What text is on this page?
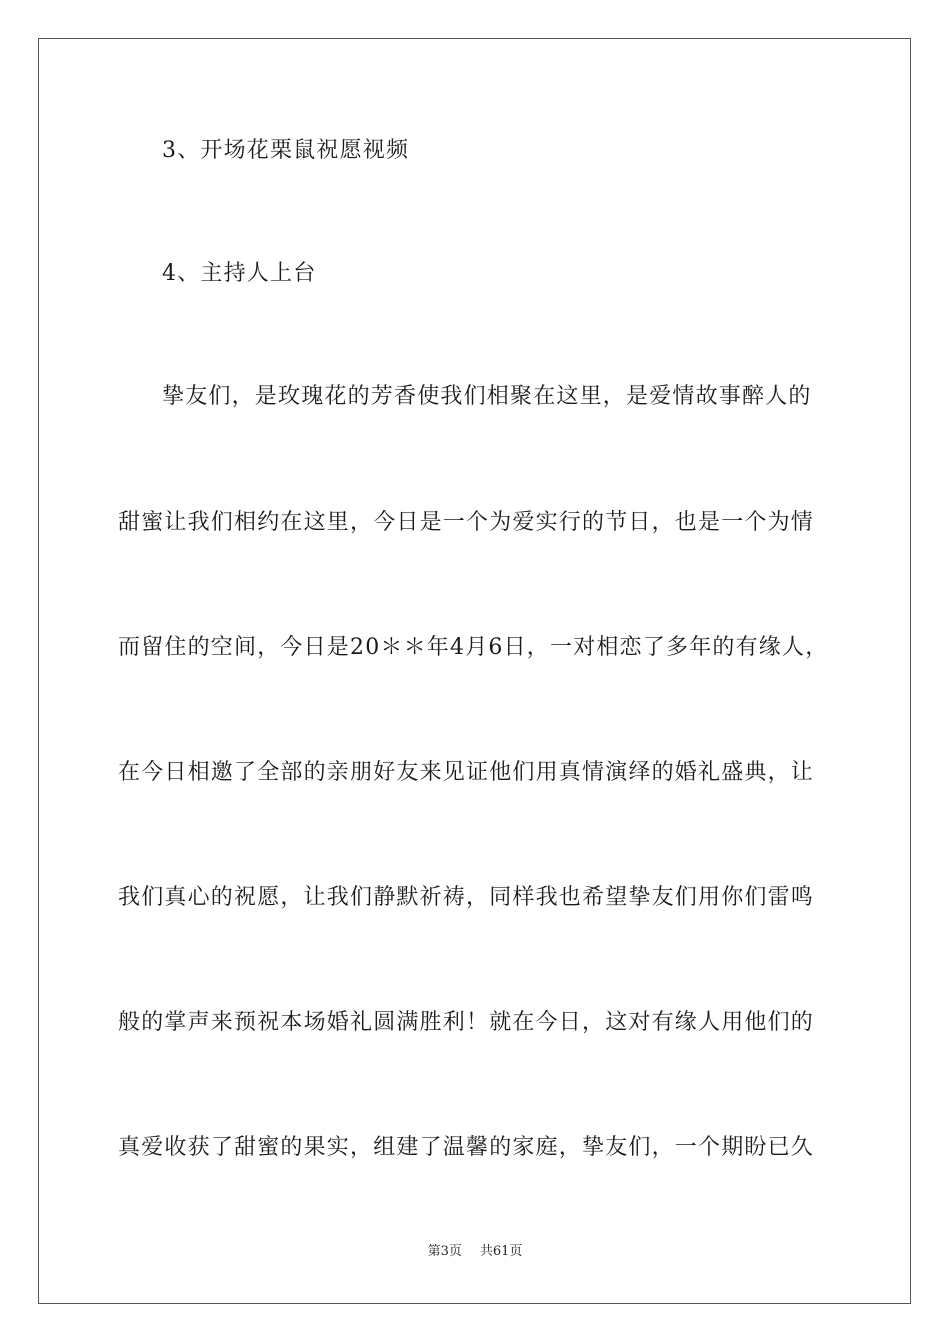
3、开场花栗鼠祝愿视频
4、主持人上台
挚友们，是玫瑰花的芳香使我们相聚在这里，是爱情故事醉人的
甜蜜让我们相约在这里，今日是一个为爱实行的节日，也是一个为情
而留住的空间，今日是20＊＊年4月6日，一对相恋了多年的有缘人，
在今日相邀了全部的亲朋好友来见证他们用真情演绎的婚礼盛典，让
我们真心的祝愿，让我们静默祈祷，同样我也希望挚友们用你们雷鸣
般的掌声来预祝本场婚礼圆满胜利！就在今日，这对有缘人用他们的
真爱收获了甜蜜的果实，组建了温馨的家庭，挚友们，一个期盼已久
第3页 共61页
